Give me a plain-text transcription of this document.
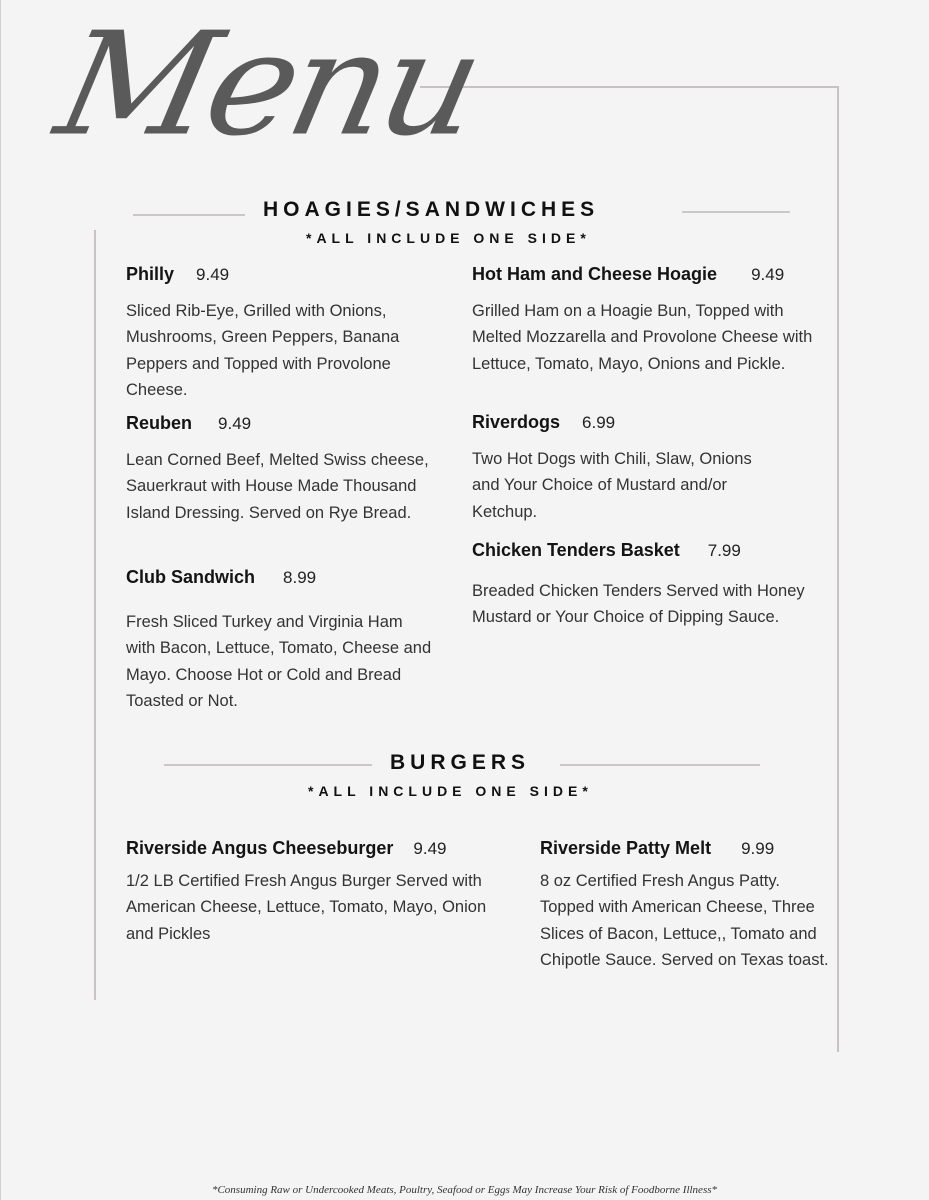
Menu
HOAGIES/SANDWICHES
*ALL INCLUDE ONE SIDE*
Philly 9.49
Sliced Rib-Eye, Grilled with Onions, Mushrooms, Green Peppers, Banana Peppers and Topped with Provolone Cheese.
Reuben 9.49
Lean Corned Beef, Melted Swiss cheese, Sauerkraut with House Made Thousand Island Dressing. Served on Rye Bread.
Club Sandwich 8.99
Fresh Sliced Turkey and Virginia Ham with Bacon, Lettuce, Tomato, Cheese and Mayo. Choose Hot or Cold and Bread Toasted or Not.
Hot Ham and Cheese Hoagie 9.49
Grilled Ham on a Hoagie Bun, Topped with Melted Mozzarella and Provolone Cheese with Lettuce, Tomato, Mayo, Onions and Pickle.
Riverdogs 6.99
Two Hot Dogs with Chili, Slaw, Onions and Your Choice of Mustard and/or Ketchup.
Chicken Tenders Basket 7.99
Breaded Chicken Tenders Served with Honey Mustard or Your Choice of Dipping Sauce.
BURGERS
*ALL INCLUDE ONE SIDE*
Riverside Angus Cheeseburger 9.49
1/2 LB Certified Fresh Angus Burger Served with American Cheese, Lettuce, Tomato, Mayo, Onion and Pickles
Riverside Patty Melt 9.99
8 oz Certified Fresh Angus Patty. Topped with American Cheese, Three Slices of Bacon, Lettuce,, Tomato and Chipotle Sauce. Served on Texas toast.
*Consuming Raw or Undercooked Meats, Poultry, Seafood or Eggs May Increase Your Risk of Foodborne Illness*
